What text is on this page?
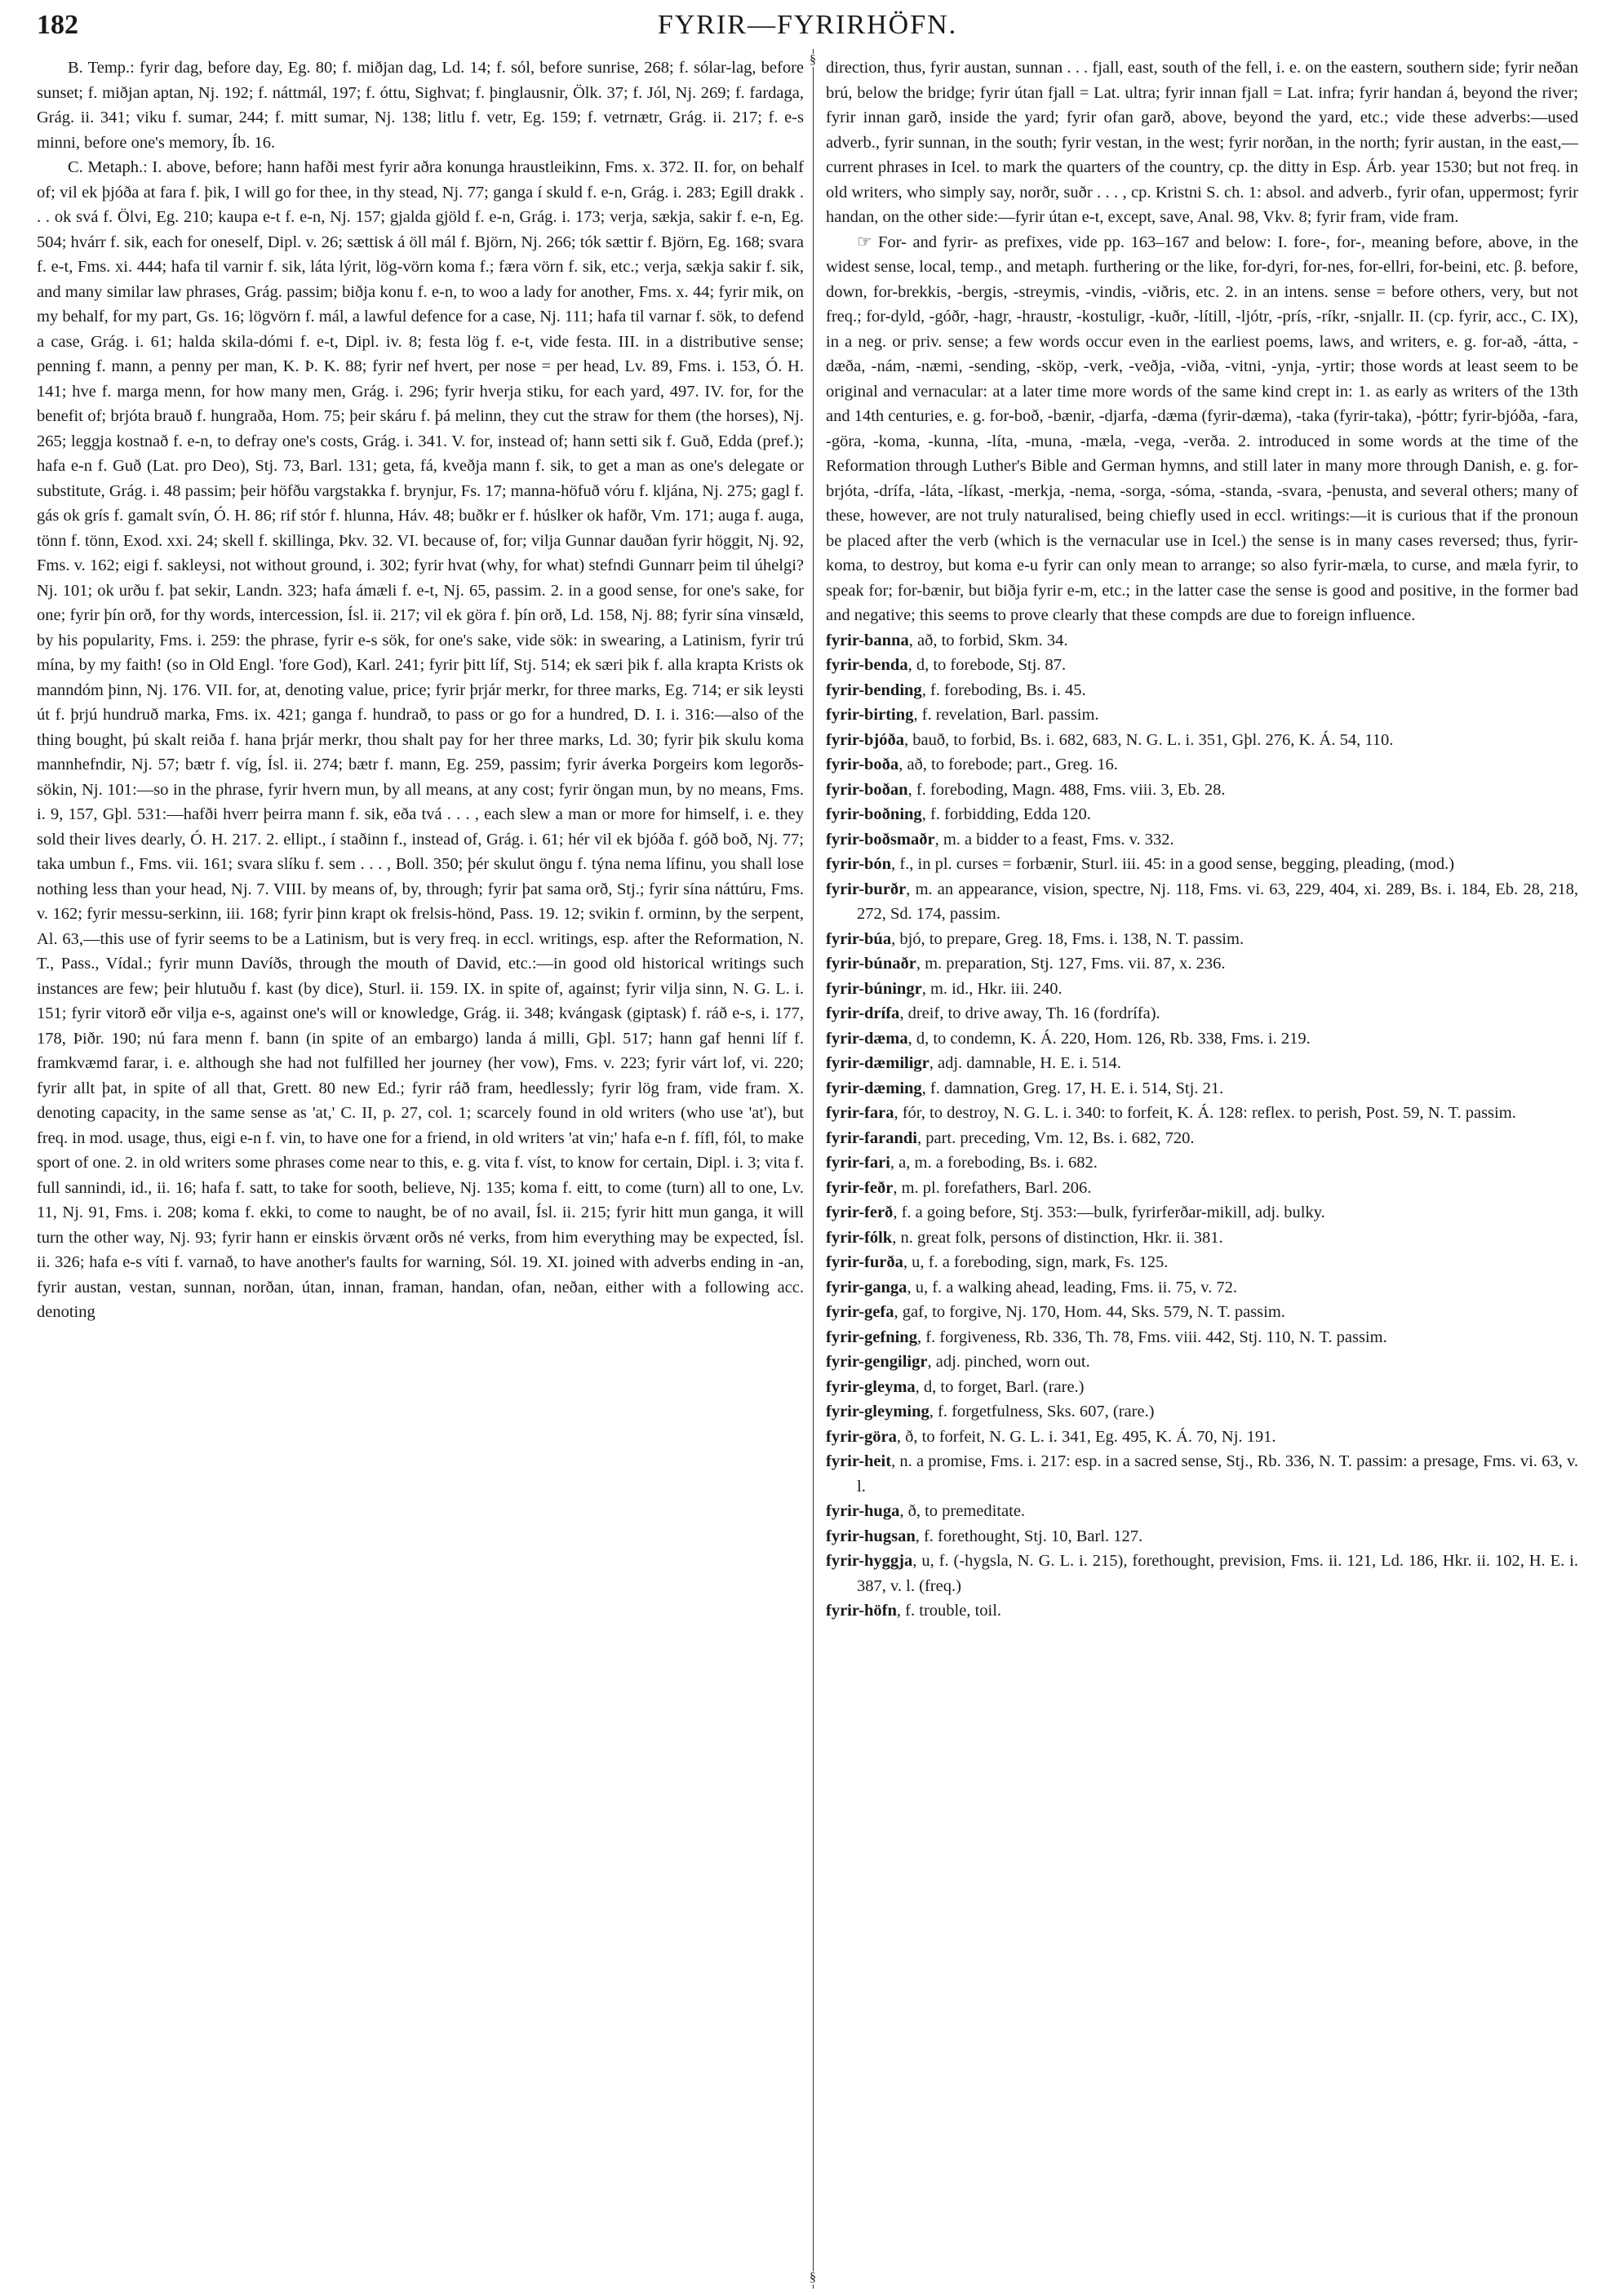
182	FYRIR—FYRIRHÖFN.
§
§

B. Temp.: fyrir dag, before day, Eg. 80; f. miðjan dag, Ld. 14; f. sól, before sunrise, 268; f. sólar-lag, before sunset; f. miðjan aptan, Nj. 192; f. náttmál, 197; f. óttu, Sighvat; f. þinglausnir, Ölk. 37; f. Jól, Nj. 269; f. fardaga, Grág. ii. 341; viku f. sumar, 244; f. mitt sumar, Nj. 138; litlu f. vetr, Eg. 159; f. vetrnætr, Grág. ii. 217; f. e-s minni, before one's memory, Íb. 16.

C. Metaph.: I. above, before; hann hafði mest fyrir aðra konunga hraustleikinn, Fms. x. 372. II. for, on behalf of; vil ek þjóða at fara f. þik, I will go for thee, in thy stead, Nj. 77; ganga í skuld f. e-n, Grág. i. 283; Egill drakk . . . ok svá f. Ölvi, Eg. 210; kaupa e-t f. e-n, Nj. 157; gjalda gjöld f. e-n, Grág. i. 173; verja, sækja, sakir f. e-n, Eg. 504; hvárr f. sik, each for oneself, Dipl. v. 26; sættisk á öll mál f. Björn, Nj. 266; tók sættir f. Björn, Eg. 168; svara f. e-t, Fms. xi. 444; hafa til varnir f. sik, láta lýrit, lög-vörn koma f.; færa vörn f. sik, etc.; verja, sækja sakir f. sik, and many similar law phrases, Grág. passim; biðja konu f. e-n, to woo a lady for another, Fms. x. 44; fyrir mik, on my behalf, for my part, Gs. 16; lögvörn f. mál, a lawful defence for a case, Nj. 111; hafa til varnar f. sök, to defend a case, Grág. i. 61; halda skila-dómi f. e-t, Dipl. iv. 8; festa lög f. e-t, vide festa. III. in a distributive sense; penning f. mann, a penny per man, K. Þ. K. 88; fyrir nef hvert, per nose = per head, Lv. 89, Fms. i. 153, Ó. H. 141; hve f. marga menn, for how many men, Grág. i. 296; fyrir hverja stiku, for each yard, 497. IV. for, for the benefit of; brjóta brauð f. hungraða, Hom. 75; þeir skáru f. þá melinn, they cut the straw for them (the horses), Nj. 265; leggja kostnað f. e-n, to defray one's costs, Grág. i. 341. V. for, instead of; hann setti sik f. Guð, Edda (pref.); hafa e-n f. Guð (Lat. pro Deo), Stj. 73, Barl. 131; geta, fá, kveðja mann f. sik, to get a man as one's delegate or substitute, Grág. i. 48 passim; þeir höfðu vargstakka f. brynjur, Fs. 17; manna-höfuð vóru f. kljána, Nj. 275; gagl f. gás ok grís f. gamalt svín, Ó. H. 86; rif stór f. hlunna, Háv. 48; buðkr er f. húslker ok hafðr, Vm. 171; auga f. auga, tönn f. tönn, Exod. xxi. 24; skell f. skillinga, Þkv. 32. VI. because of, for; vilja Gunnar dauðan fyrir höggit, Nj. 92, Fms. v. 162; eigi f. sakleysi, not without ground, i. 302; fyrir hvat (why, for what) stefndi Gunnarr þeim til úhelgi? Nj. 101; ok urðu f. þat sekir, Landn. 323; hafa ámæli f. e-t, Nj. 65, passim. 2. in a good sense, for one's sake, for one; fyrir þín orð, for thy words, intercession, Ísl. ii. 217; vil ek göra f. þín orð, Ld. 158, Nj. 88; fyrir sína vinsæld, by his popularity, Fms. i. 259: the phrase, fyrir e-s sök, for one's sake, vide sök: in swearing, a Latinism, fyrir trú mína, by my faith! (so in Old Engl. 'fore God), Karl. 241; fyrir þitt líf, Stj. 514; ek særi þik f. alla krapta Krists ok manndóm þinn, Nj. 176. VII. for, at, denoting value, price; fyrir þrjár merkr, for three marks, Eg. 714; er sik leysti út f. þrjú hundruð marka, Fms. ix. 421; ganga f. hundrað, to pass or go for a hundred, D. I. i. 316:—also of the thing bought, þú skalt reiða f. hana þrjár merkr, thou shalt pay for her three marks, Ld. 30; fyrir þik skulu koma mannhefndir, Nj. 57; bætr f. víg, Ísl. ii. 274; bætr f. mann, Eg. 259, passim; fyrir áverka Þorgeirs kom legorðs-sökin, Nj. 101:—so in the phrase, fyrir hvern mun, by all means, at any cost; fyrir öngan mun, by no means, Fms. i. 9, 157, Gþl. 531:—hafði hverr þeirra mann f. sik, eða tvá . . . , each slew a man or more for himself, i. e. they sold their lives dearly, Ó. H. 217. 2. ellipt., í staðinn f., instead of, Grág. i. 61; hér vil ek bjóða f. góð boð, Nj. 77; taka umbun f., Fms. vii. 161; svara slíku f. sem . . . , Boll. 350; þér skulut öngu f. týna nema lífinu, you shall lose nothing less than your head, Nj. 7. VIII. by means of, by, through; fyrir þat sama orð, Stj.; fyrir sína náttúru, Fms. v. 162; fyrir messu-serkinn, iii. 168; fyrir þinn krapt ok frelsis-hönd, Pass. 19. 12; svikin f. orminn, by the serpent, Al. 63,—this use of fyrir seems to be a Latinism, but is very freq. in eccl. writings, esp. after the Reformation, N. T., Pass., Vídal.; fyrir munn Davíðs, through the mouth of David, etc.:—in good old historical writings such instances are few; þeir hlutuðu f. kast (by dice), Sturl. ii. 159. IX. in spite of, against; fyrir vilja sinn, N. G. L. i. 151; fyrir vitorð eðr vilja e-s, against one's will or knowledge, Grág. ii. 348; kvángask (giptask) f. ráð e-s, i. 177, 178, Þiðr. 190; nú fara menn f. bann (in spite of an embargo) landa á milli, Gþl. 517; hann gaf henni líf f. framkvæmd farar, i. e. although she had not fulfilled her journey (her vow), Fms. v. 223; fyrir várt lof, vi. 220; fyrir allt þat, in spite of all that, Grett. 80 new Ed.; fyrir ráð fram, heedlessly; fyrir lög fram, vide fram. X. denoting capacity, in the same sense as 'at,' C. II, p. 27, col. 1; scarcely found in old writers (who use 'at'), but freq. in mod. usage, thus, eigi e-n f. vin, to have one for a friend, in old writers 'at vin;' hafa e-n f. fífl, fól, to make sport of one. 2. in old writers some phrases come near to this, e. g. vita f. víst, to know for certain, Dipl. i. 3; vita f. full sannindi, id., ii. 16; hafa f. satt, to take for sooth, believe, Nj. 135; koma f. eitt, to come (turn) all to one, Lv. 11, Nj. 91, Fms. i. 208; koma f. ekki, to come to naught, be of no avail, Ísl. ii. 215; fyrir hitt mun ganga, it will turn the other way, Nj. 93; fyrir hann er einskis örvænt orðs né verks, from him everything may be expected, Ísl. ii. 326; hafa e-s víti f. varnað, to have another's faults for warning, Sól. 19. XI. joined with adverbs ending in -an, fyrir austan, vestan, sunnan, norðan, útan, innan, framan, handan, ofan, neðan, either with a following acc. denoting

direction, thus, fyrir austan, sunnan . . . fjall, east, south of the fell, i. e. on the eastern, southern side; fyrir neðan brú, below the bridge; fyrir útan fjall = Lat. ultra; fyrir innan fjall = Lat. infra; fyrir handan á, beyond the river; fyrir innan garð, inside the yard; fyrir ofan garð, above, beyond the yard, etc.; vide these adverbs:—used adverb., fyrir sunnan, in the south; fyrir vestan, in the west; fyrir norðan, in the north; fyrir austan, in the east,—current phrases in Icel. to mark the quarters of the country, cp. the ditty in Esp. Árb. year 1530; but not freq. in old writers, who simply say, norðr, suðr . . . , cp. Kristni S. ch. 1: absol. and adverb., fyrir ofan, uppermost; fyrir handan, on the other side:—fyrir útan e-t, except, save, Anal. 98, Vkv. 8; fyrir fram, vide fram.

☞ For- and fyrir- as prefixes, vide pp. 163–167 and below: I. fore-, for-, meaning before, above, in the widest sense, local, temp., and metaph. furthering or the like, for-dyri, for-nes, for-ellri, for-beini, etc. β. before, down, for-brekkis, -bergis, -streymis, -vindis, -viðris, etc. 2. in an intens. sense = before others, very, but not freq.; for-dyld, -góðr, -hagr, -hraustr, -kostuligr, -kuðr, -lítill, -ljótr, -prís, -ríkr, -snjallr. II. (cp. fyrir, acc., C. IX), in a neg. or priv. sense; a few words occur even in the earliest poems, laws, and writers, e. g. for-að, -átta, -dæða, -nám, -næmi, -sending, -sköp, -verk, -veðja, -viða, -vitni, -ynja, -yrtir; those words at least seem to be original and vernacular: at a later time more words of the same kind crept in: 1. as early as writers of the 13th and 14th centuries, e. g. for-boð, -bænir, -djarfa, -dæma (fyrir-dæma), -taka (fyrir-taka), -þóttr; fyrir-bjóða, -fara, -göra, -koma, -kunna, -líta, -muna, -mæla, -vega, -verða. 2. introduced in some words at the time of the Reformation through Luther's Bible and German hymns, and still later in many more through Danish, e. g. for-brjóta, -drífa, -láta, -líkast, -merkja, -nema, -sorga, -sóma, -standa, -svara, -þenusta, and several others; many of these, however, are not truly naturalised, being chiefly used in eccl. writings:—it is curious that if the pronoun be placed after the verb (which is the vernacular use in Icel.) the sense is in many cases reversed; thus, fyrir-koma, to destroy, but koma e-u fyrir can only mean to arrange; so also fyrir-mæla, to curse, and mæla fyrir, to speak for; for-bænir, but biðja fyrir e-m, etc.; in the latter case the sense is good and positive, in the former bad and negative; this seems to prove clearly that these compds are due to foreign influence.

fyrir-banna, að, to forbid, Skm. 34.

fyrir-benda, d, to forebode, Stj. 87.

fyrir-bending, f. foreboding, Bs. i. 45.

fyrir-birting, f. revelation, Barl. passim.

fyrir-bjóða, bauð, to forbid, Bs. i. 682, 683, N. G. L. i. 351, Gþl. 276, K. Á. 54, 110.

fyrir-boða, að, to forebode; part., Greg. 16.

fyrir-boðan, f. foreboding, Magn. 488, Fms. viii. 3, Eb. 28.

fyrir-boðning, f. forbidding, Edda 120.

fyrir-boðsmaðr, m. a bidder to a feast, Fms. v. 332.

fyrir-bón, f., in pl. curses = forbænir, Sturl. iii. 45: in a good sense, begging, pleading, (mod.)

fyrir-burðr, m. an appearance, vision, spectre, Nj. 118, Fms. vi. 63, 229, 404, xi. 289, Bs. i. 184, Eb. 28, 218, 272, Sd. 174, passim.

fyrir-búa, bjó, to prepare, Greg. 18, Fms. i. 138, N. T. passim.

fyrir-búnaðr, m. preparation, Stj. 127, Fms. vii. 87, x. 236.

fyrir-búningr, m. id., Hkr. iii. 240.

fyrir-drífa, dreif, to drive away, Th. 16 (fordrífa).

fyrir-dæma, d, to condemn, K. Á. 220, Hom. 126, Rb. 338, Fms. i. 219.

fyrir-dæmiligr, adj. damnable, H. E. i. 514.

fyrir-dæming, f. damnation, Greg. 17, H. E. i. 514, Stj. 21.

fyrir-fara, fór, to destroy, N. G. L. i. 340: to forfeit, K. Á. 128: reflex. to perish, Post. 59, N. T. passim.

fyrir-farandi, part. preceding, Vm. 12, Bs. i. 682, 720.

fyrir-fari, a, m. a foreboding, Bs. i. 682.

fyrir-feðr, m. pl. forefathers, Barl. 206.

fyrir-ferð, f. a going before, Stj. 353:—bulk, fyrirferðar-mikill, adj. bulky.

fyrir-fólk, n. great folk, persons of distinction, Hkr. ii. 381.

fyrir-furða, u, f. a foreboding, sign, mark, Fs. 125.

fyrir-ganga, u, f. a walking ahead, leading, Fms. ii. 75, v. 72.

fyrir-gefa, gaf, to forgive, Nj. 170, Hom. 44, Sks. 579, N. T. passim.

fyrir-gefning, f. forgiveness, Rb. 336, Th. 78, Fms. viii. 442, Stj. 110, N. T. passim.

fyrir-gengiligr, adj. pinched, worn out.

fyrir-gleyma, d, to forget, Barl. (rare.)

fyrir-gleyming, f. forgetfulness, Sks. 607, (rare.)

fyrir-göra, ð, to forfeit, N. G. L. i. 341, Eg. 495, K. Á. 70, Nj. 191.

fyrir-heit, n. a promise, Fms. i. 217: esp. in a sacred sense, Stj., Rb. 336, N. T. passim: a presage, Fms. vi. 63, v. l.

fyrir-huga, ð, to premeditate.

fyrir-hugsan, f. forethought, Stj. 10, Barl. 127.

fyrir-hyggja, u, f. (-hygsla, N. G. L. i. 215), forethought, prevision, Fms. ii. 121, Ld. 186, Hkr. ii. 102, H. E. i. 387, v. l. (freq.)

fyrir-höfn, f. trouble, toil.
